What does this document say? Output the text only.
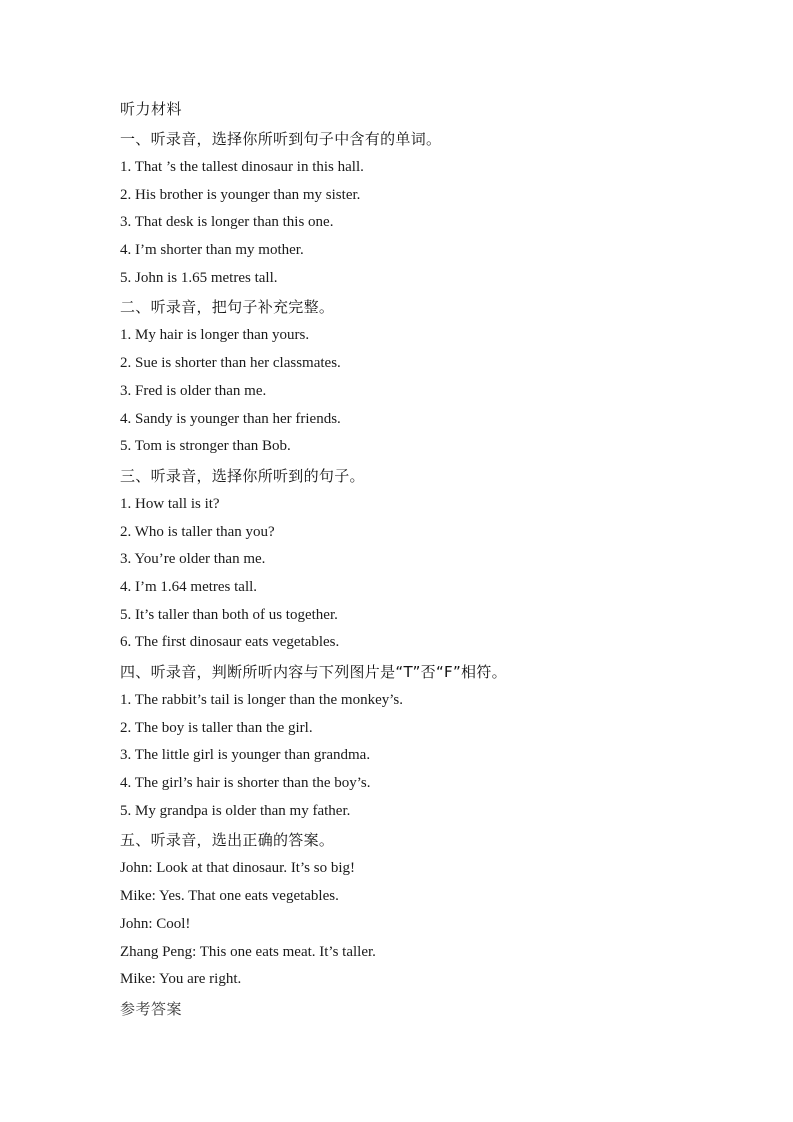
听力材料
一、听录音，选择你所听到句子中含有的单词。
1. That ’s the tallest dinosaur in this hall.
2. His brother is younger than my sister.
3. That desk is longer than this one.
4. I’m shorter than my mother.
5. John is 1.65 metres tall.
二、听录音，把句子补充完整。
1. My hair is longer than yours.
2. Sue is shorter than her classmates.
3. Fred is older than me.
4. Sandy is younger than her friends.
5. Tom is stronger than Bob.
三、听录音，选择你所听到的句子。
1. How tall is it?
2. Who is taller than you?
3. You’re older than me.
4. I’m 1.64 metres tall.
5. It’s taller than both of us together.
6. The first dinosaur eats vegetables.
四、听录音，判断所听内容与下列图片是“T”否“F”相符。
1. The rabbit’s tail is longer than the monkey’s.
2. The boy is taller than the girl.
3. The little girl is younger than grandma.
4. The girl’s hair is shorter than the boy’s.
5. My grandpa is older than my father.
五、听录音，选出正确的答案。
John: Look at that dinosaur. It’s so big!
Mike: Yes. That one eats vegetables.
John: Cool!
Zhang Peng: This one eats meat. It’s taller.
Mike: You are right.
参考答案
